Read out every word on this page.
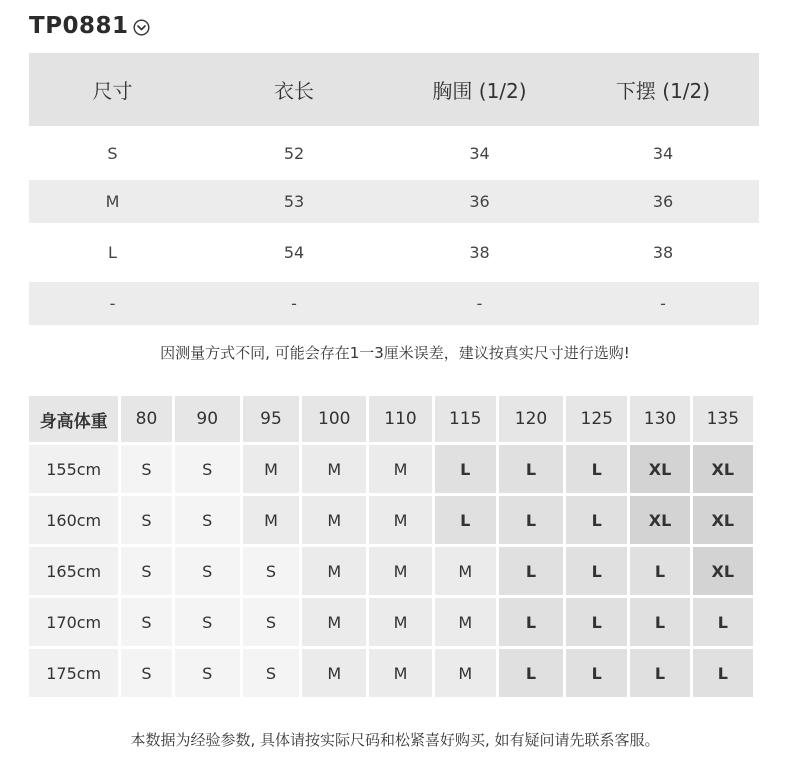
TP0881
尺寸	衣长	胸围 (1/2)	下摆 (1/2)
S	52	34	34
M	53	36	36
L	54	38	38
-	-	-	-
因测量方式不同, 可能会存在1一3厘米误差，建议按真实尺寸进行选购!
身高体重	80	90	95	100	110	115	120	125	130	135
155cm	S	S	M	M	M	L	L	L	XL	XL
160cm	S	S	M	M	M	L	L	L	XL	XL
165cm	S	S	S	M	M	M	L	L	L	XL
170cm	S	S	S	M	M	M	L	L	L	L
175cm	S	S	S	M	M	M	L	L	L	L
本数据为经验参数, 具体请按实际尺码和松紧喜好购买, 如有疑问请先联系客服。
